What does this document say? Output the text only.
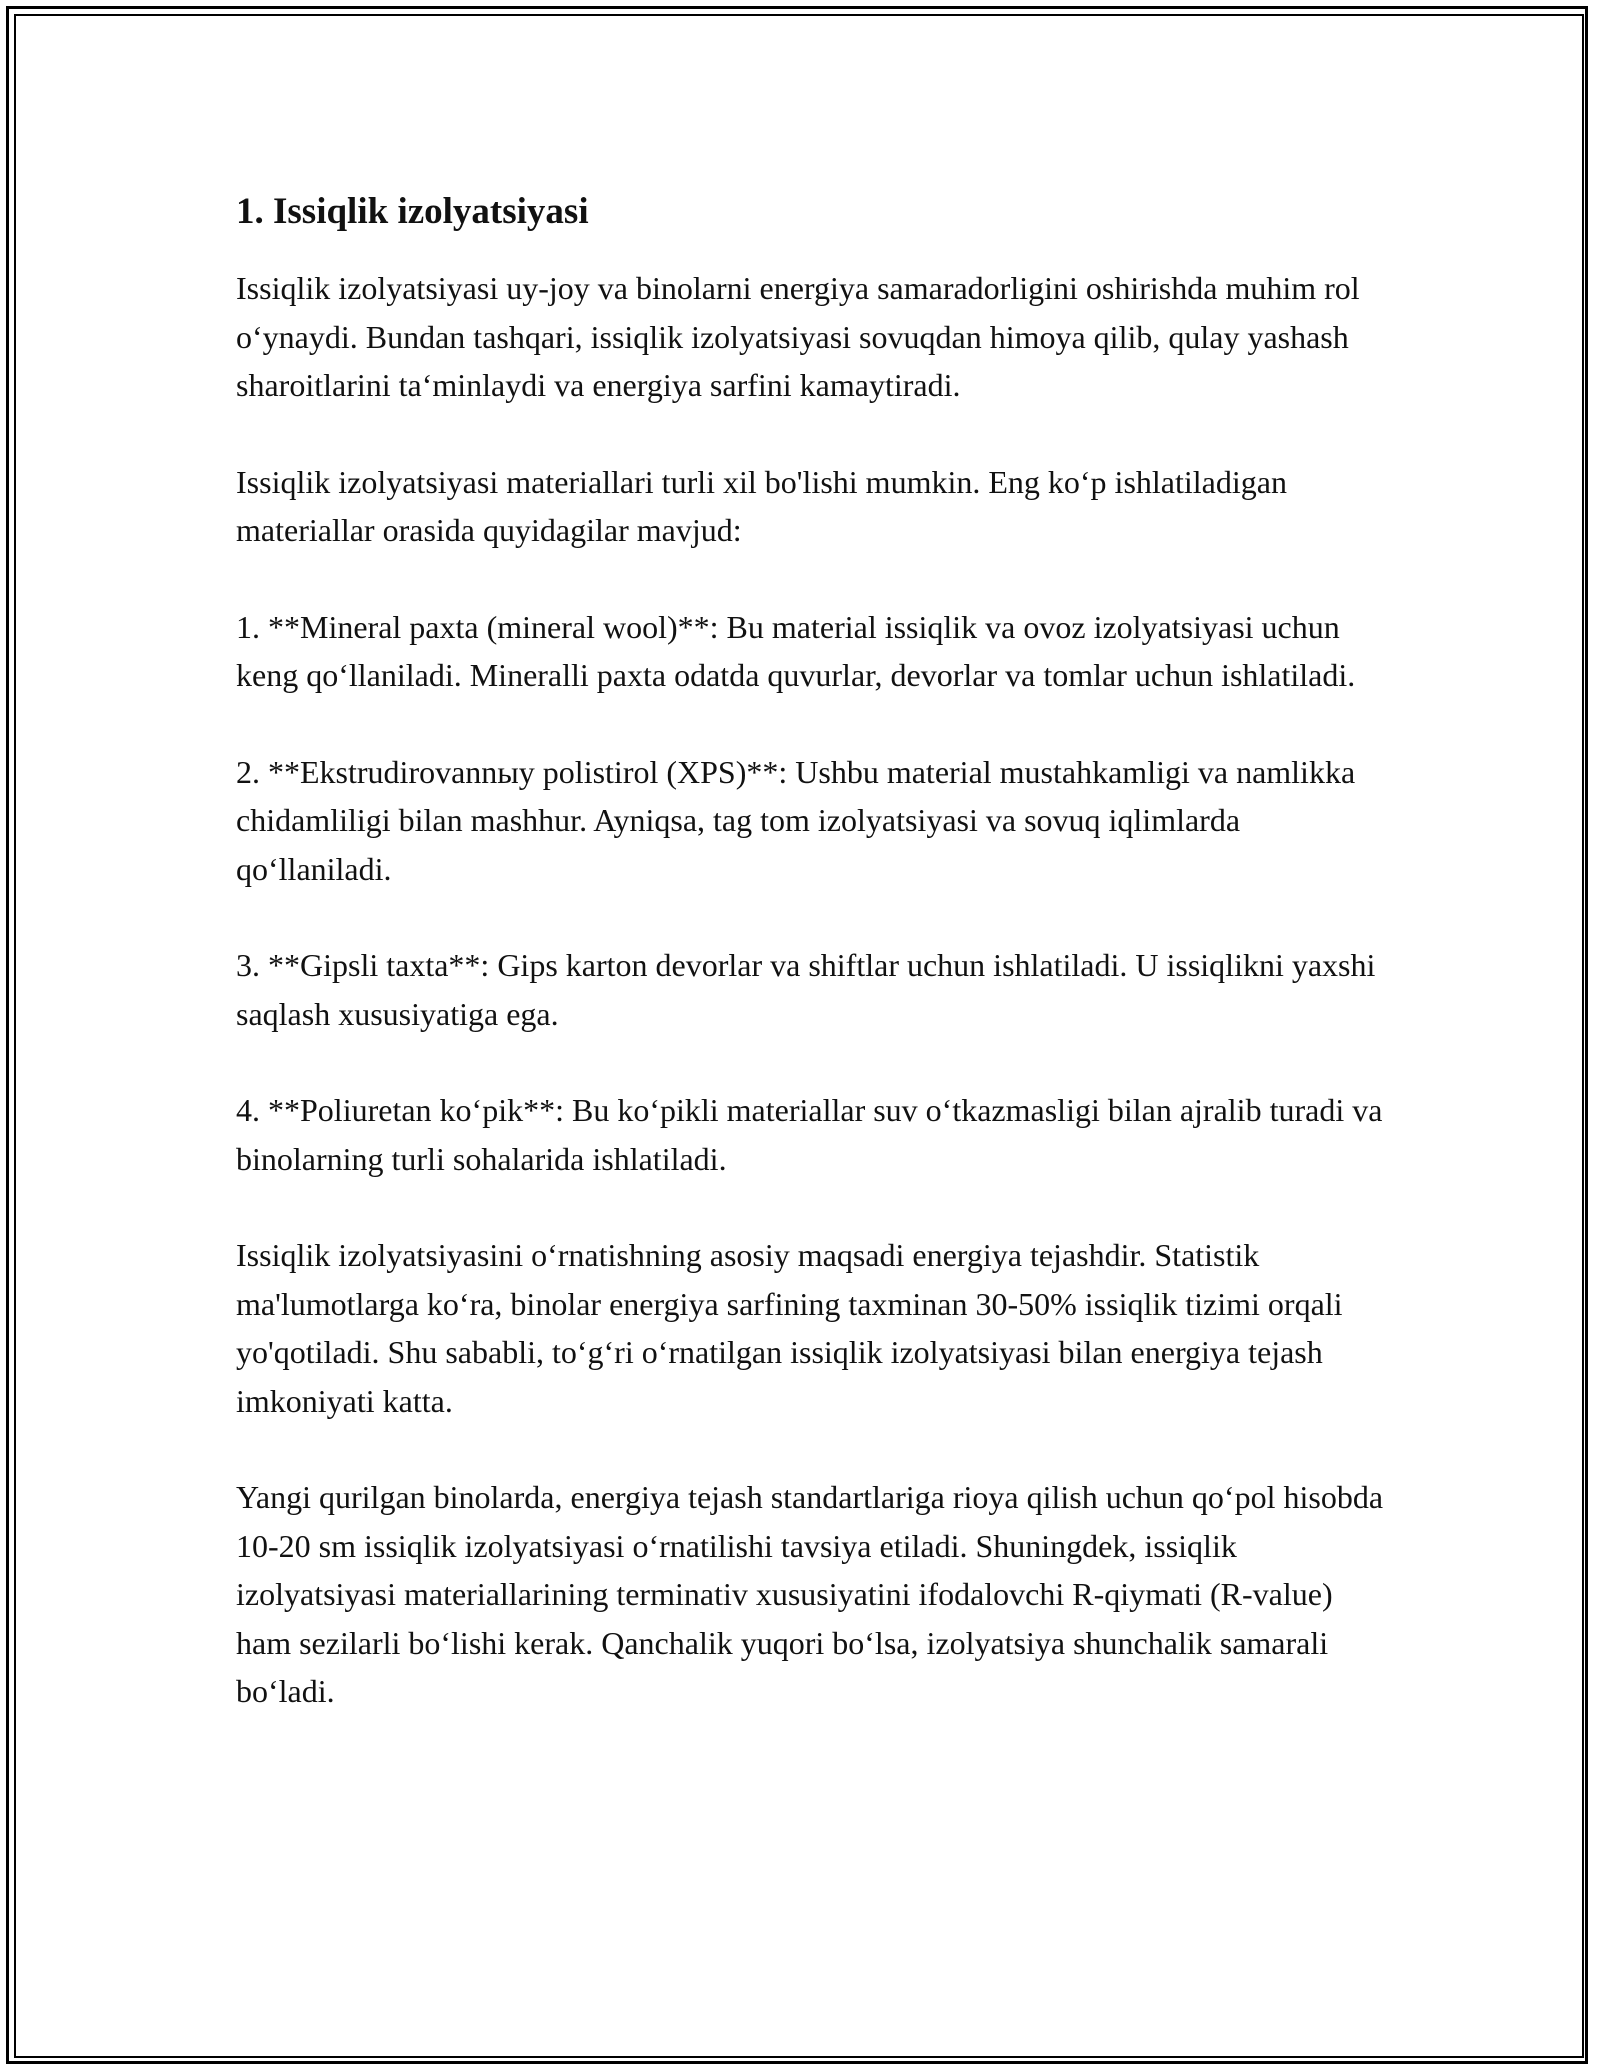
1. Issiqlik izolyatsiyasi

Issiqlik izolyatsiyasi uy-joy va binolarni energiya samaradorligini oshirishda muhim rol o‘ynaydi. Bundan tashqari, issiqlik izolyatsiyasi sovuqdan himoya qilib, qulay yashash sharoitlarini ta‘minlaydi va energiya sarfini kamaytiradi.

Issiqlik izolyatsiyasi materiallari turli xil bo'lishi mumkin. Eng ko‘p ishlatiladigan materiallar orasida quyidagilar mavjud:

1. **Mineral paxta (mineral wool)**: Bu material issiqlik va ovoz izolyatsiyasi uchun keng qo‘llaniladi. Mineralli paxta odatda quvurlar, devorlar va tomlar uchun ishlatiladi.

2. **Ekstrudirovannыy polistirol (XPS)**: Ushbu material mustahkamligi va namlikka chidamliligi bilan mashhur. Ayniqsa, tag tom izolyatsiyasi va sovuq iqlimlarda qo‘llaniladi.

3. **Gipsli taxta**: Gips karton devorlar va shiftlar uchun ishlatiladi. U issiqlikni yaxshi saqlash xususiyatiga ega.

4. **Poliuretan ko‘pik**: Bu ko‘pikli materiallar suv o‘tkazmasligi bilan ajralib turadi va binolarning turli sohalarida ishlatiladi.

Issiqlik izolyatsiyasini o‘rnatishning asosiy maqsadi energiya tejashdir. Statistik ma'lumotlarga ko‘ra, binolar energiya sarfining taxminan 30-50% issiqlik tizimi orqali yo'qotiladi. Shu sababli, to‘g‘ri o‘rnatilgan issiqlik izolyatsiyasi bilan energiya tejash imkoniyati katta.

Yangi qurilgan binolarda, energiya tejash standartlariga rioya qilish uchun qo‘pol hisobda 10-20 sm issiqlik izolyatsiyasi o‘rnatilishi tavsiya etiladi. Shuningdek, issiqlik izolyatsiyasi materiallarining terminativ xususiyatini ifodalovchi R-qiymati (R-value) ham sezilarli bo‘lishi kerak. Qanchalik yuqori bo‘lsa, izolyatsiya shunchalik samarali bo‘ladi.
